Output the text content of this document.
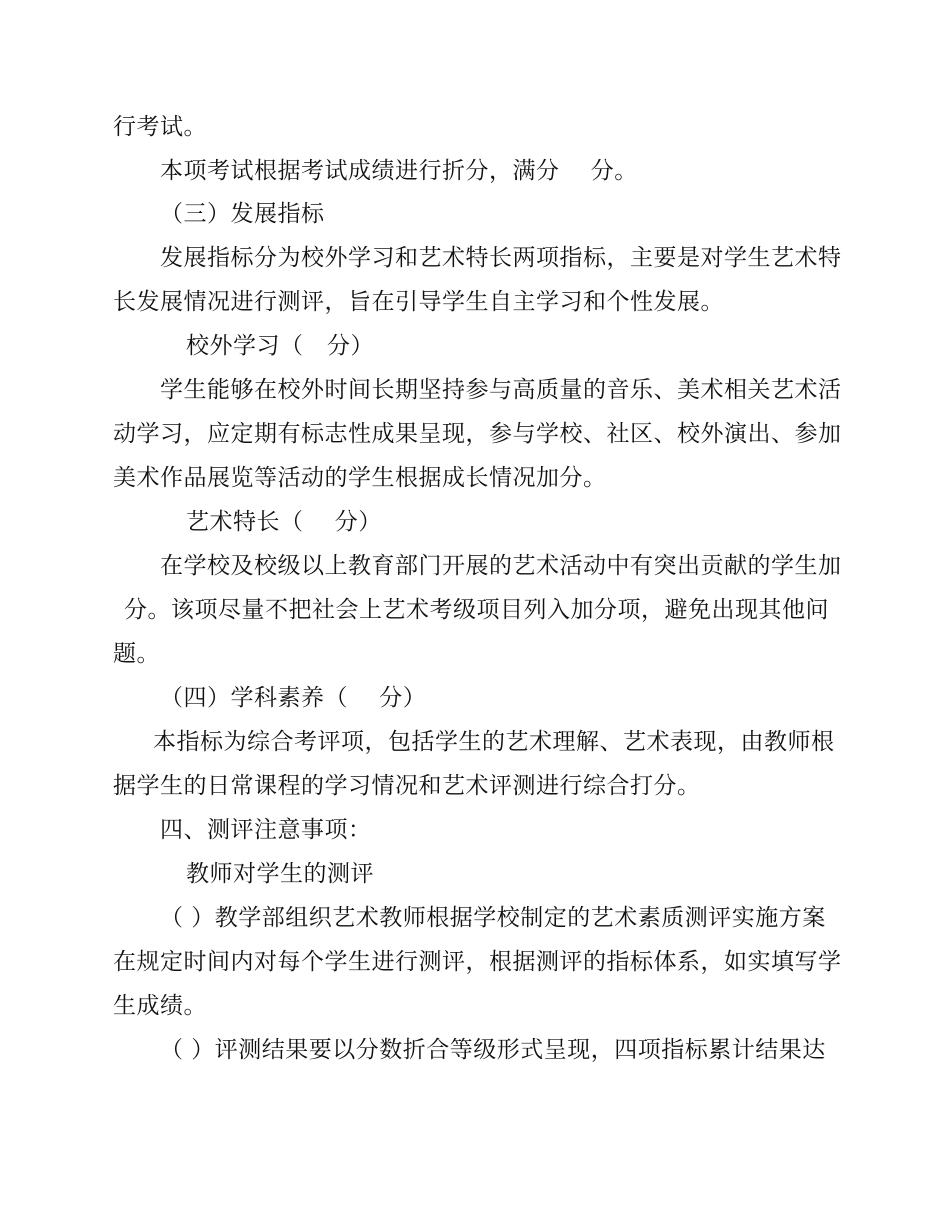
行考试。
本项考试根据考试成绩进行折分，满分　 分。
（三）发展指标
发展指标分为校外学习和艺术特长两项指标，主要是对学生艺术特
长发展情况进行测评，旨在引导学生自主学习和个性发展。
校外学习（　分）
学生能够在校外时间长期坚持参与高质量的音乐、美术相关艺术活
动学习，应定期有标志性成果呈现，参与学校、社区、校外演出、参加
美术作品展览等活动的学生根据成长情况加分。
艺术特长（　 分）
在学校及校级以上教育部门开展的艺术活动中有突出贡献的学生加
分。该项尽量不把社会上艺术考级项目列入加分项，避免出现其他问
题。
（四）学科素养（　 分）
本指标为综合考评项，包括学生的艺术理解、艺术表现，由教师根
据学生的日常课程的学习情况和艺术评测进行综合打分。
四、测评注意事项：
教师对学生的测评
（ ）教学部组织艺术教师根据学校制定的艺术素质测评实施方案
在规定时间内对每个学生进行测评，根据测评的指标体系，如实填写学
生成绩。
（ ）评测结果要以分数折合等级形式呈现，四项指标累计结果达
